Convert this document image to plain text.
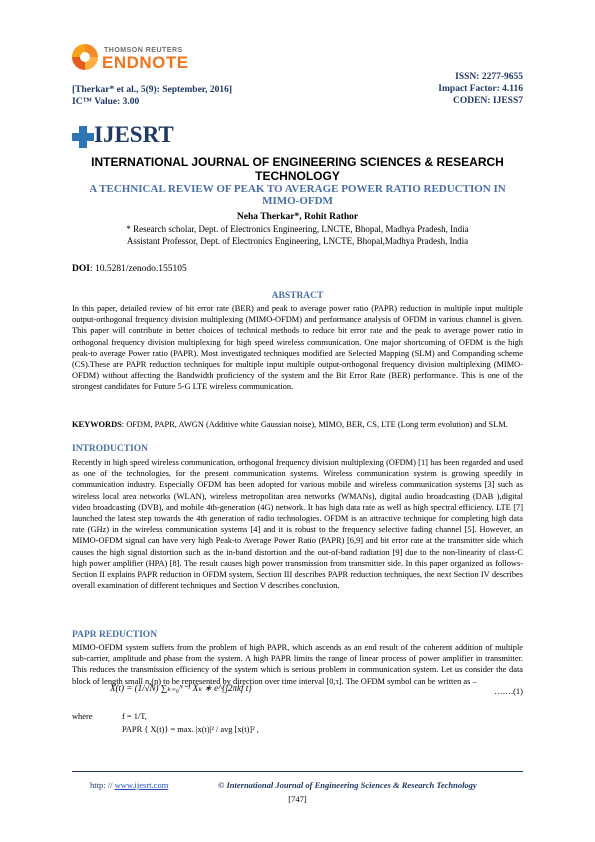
THOMSON REUTERS
ENDNOTE
ISSN: 2277-9655
Impact Factor: 4.116
CODEN: IJESS7
[Therkar* et al., 5(9): September, 2016]
IC™ Value: 3.00
IJESRT
INTERNATIONAL JOURNAL OF ENGINEERING SCIENCES & RESEARCH TECHNOLOGY
A TECHNICAL REVIEW OF PEAK TO AVERAGE POWER RATIO REDUCTION IN MIMO-OFDM
Neha Therkar*, Rohit Rathor
* Research scholar, Dept. of Electronics Engineering, LNCTE, Bhopal, Madhya Pradesh, India
Assistant Professor, Dept. of Electronics Engineering, LNCTE, Bhopal,Madhya Pradesh, India
DOI: 10.5281/zenodo.155105
ABSTRACT
In this paper, detailed review of bit error rate (BER) and peak to average power ratio (PAPR) reduction in multiple input multiple output-orthogonal frequency division multiplexing (MIMO-OFDM) and performance analysis of OFDM in various channel is given. This paper will contribute in better choices of technical methods to reduce bit error rate and the peak to average power ratio in orthogonal frequency division multiplexing for high speed wireless communication. One major shortcoming of OFDM is the high peak-to average Power ratio (PAPR). Most investigated techniques modified are Selected Mapping (SLM) and Companding scheme (CS).These are PAPR reduction techniques for multiple input multiple output-orthogonal frequency division multiplexing (MIMO-OFDM) without affecting the Bandwidth proficiency of the system and the Bit Error Rate (BER) performance. This is one of the strongest candidates for Future 5-G LTE wireless communication.
KEYWORDS: OFDM, PAPR, AWGN (Additive white Gaussian noise), MIMO, BER, CS, LTE (Long term evolution) and SLM.
INTRODUCTION
Recently in high speed wireless communication, orthogonal frequency division multiplexing (OFDM) [1] has been regarded and used as one of the technologies, for the present communication systems. Wireless communication system is growing speedily in communication industry. Especially OFDM has been adopted for various mobile and wireless communication systems [3] such as wireless local area networks (WLAN), wireless metropolitan area networks (WMANs), digital audio broadcasting (DAB ),digital video broadcasting (DVB), and mobile 4th-generation (4G) network. It has high data rate as well as high spectral efficiency. LTE [7] launched the latest step towards the 4th generation of radio technologies. OFDM is an attractive technique for completing high data rate (GHz) in the wireless communication systems [4] and it is robust to the frequency selective fading channel [5]. However, an MIMO-OFDM signal can have very high Peak-to Average Power Ratio (PAPR) [6,9] and bit error rate at the transmitter side which causes the high signal distortion such as the in-band distortion and the out-of-band radiation [9] due to the non-linearity of class-C high power amplifier (HPA) [8]. The result causes high power transmission from transmitter side. In this paper organized as follows- Section II explains PAPR reduction in OFDM system, Section III describes PAPR reduction techniques, the next Section IV describes overall examination of different techniques and Section V describes conclusion.
PAPR REDUCTION
MIMO-OFDM system suffers from the problem of high PAPR, which ascends as an end result of the coherent addition of multiple sub-carrier, amplitude and phase from the system. A high PAPR limits the range of linear process of power amplifier in transmitter. This reduces the transmission efficiency of the system which is serious problem in communication system. Let us consider the data block of length small n,(n) to be represented by direction over time interval [0,τ]. The OFDM symbol can be written as –
X(t) = (1/√N) ∑ₖ₌₀ᴺ⁻¹ Xₖ ∗ e^{j2πkf t}	…….(1)
where	f = 1/T,
PAPR { X(t)} = max. |x(t)|² / avg [x(t)]² ,
http: // www.ijesrt.com	© International Journal of Engineering Sciences & Research Technology
[747]
